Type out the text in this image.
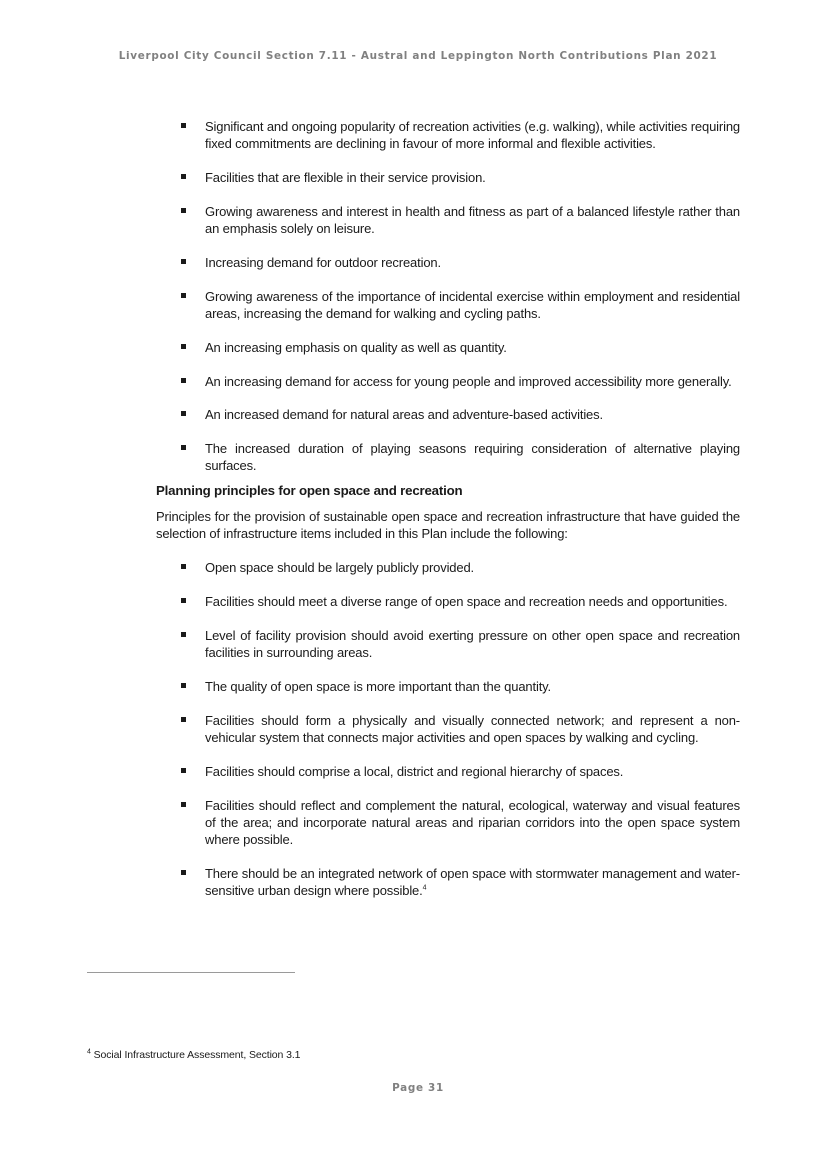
Liverpool City Council Section 7.11 - Austral and Leppington North Contributions Plan 2021
Significant and ongoing popularity of recreation activities (e.g. walking), while activities requiring fixed commitments are declining in favour of more informal and flexible activities.
Facilities that are flexible in their service provision.
Growing awareness and interest in health and fitness as part of a balanced lifestyle rather than an emphasis solely on leisure.
Increasing demand for outdoor recreation.
Growing awareness of the importance of incidental exercise within employment and residential areas, increasing the demand for walking and cycling paths.
An increasing emphasis on quality as well as quantity.
An increasing demand for access for young people and improved accessibility more generally.
An increased demand for natural areas and adventure-based activities.
The increased duration of playing seasons requiring consideration of alternative playing surfaces.
Planning principles for open space and recreation
Principles for the provision of sustainable open space and recreation infrastructure that have guided the selection of infrastructure items included in this Plan include the following:
Open space should be largely publicly provided.
Facilities should meet a diverse range of open space and recreation needs and opportunities.
Level of facility provision should avoid exerting pressure on other open space and recreation facilities in surrounding areas.
The quality of open space is more important than the quantity.
Facilities should form a physically and visually connected network; and represent a non-vehicular system that connects major activities and open spaces by walking and cycling.
Facilities should comprise a local, district and regional hierarchy of spaces.
Facilities should reflect and complement the natural, ecological, waterway and visual features of the area; and incorporate natural areas and riparian corridors into the open space system where possible.
There should be an integrated network of open space with stormwater management and water-sensitive urban design where possible.$^4$
$^4$ Social Infrastructure Assessment, Section 3.1
Page 31
